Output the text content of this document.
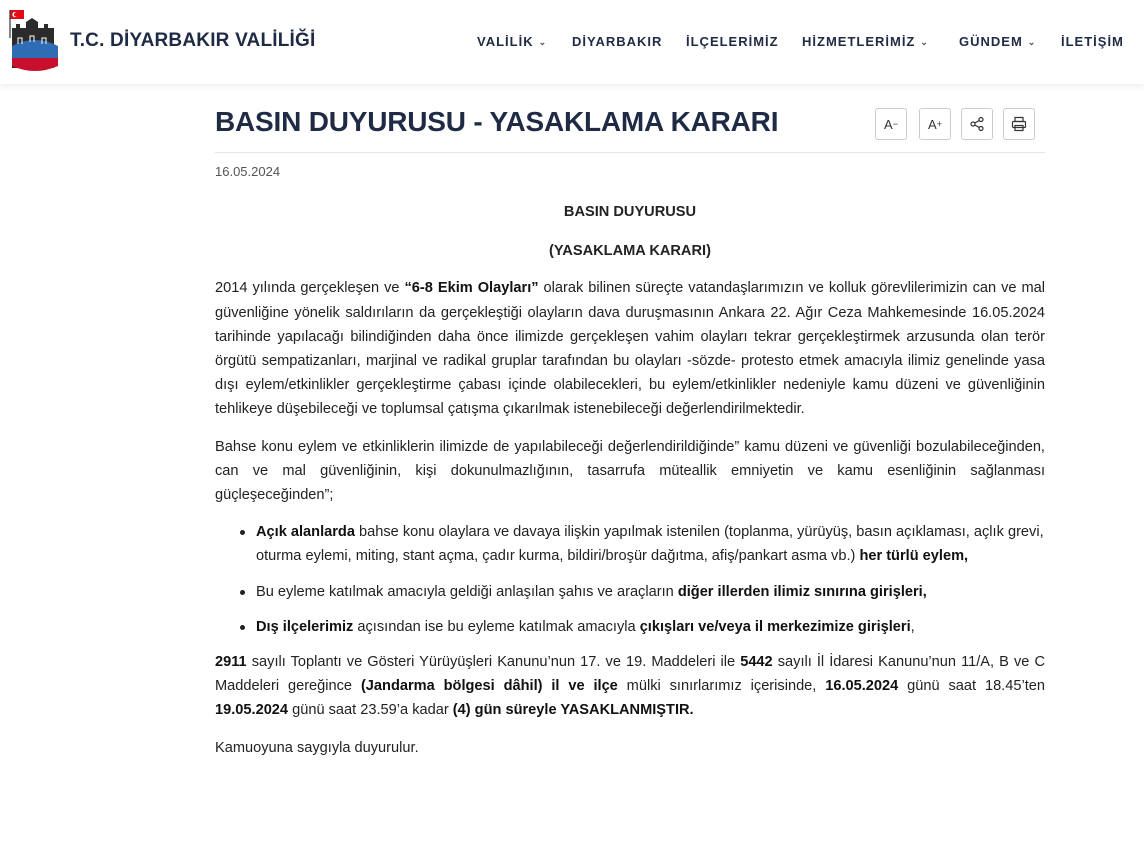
T.C. DİYARBAKIR VALİLİĞİ	VALİLİK ⌄ DİYARBAKIR İLÇELERİMİZ HİZMETLERİMİZ ⌄ GÜNDEM ⌄ İLETİŞİM
BASIN DUYURUSU - YASAKLAMA KARARI	A − A +
16.05.2024
BASIN DUYURUSU
(YASAKLAMA KARARI)

2014 yılında gerçekleşen ve “6-8 Ekim Olayları” olarak bilinen süreçte vatandaşlarımızın ve kolluk görevlilerimizin can ve mal güvenliğine yönelik saldırıların da gerçekleştiği olayların dava duruşmasının Ankara 22. Ağır Ceza Mahkemesinde 16.05.2024 tarihinde yapılacağı bilindiğinden daha önce ilimizde gerçekleşen vahim olayları tekrar gerçekleştirmek arzusunda olan terör örgütü sempatizanları, marjinal ve radikal gruplar tarafından bu olayları -sözde- protesto etmek amacıyla ilimiz genelinde yasa dışı eylem/etkinlikler gerçekleştirme çabası içinde olabilecekleri, bu eylem/etkinlikler nedeniyle kamu düzeni ve güvenliğinin tehlikeye düşebileceği ve toplumsal çatışma çıkarılmak istenebileceği değerlendirilmektedir.

Bahse konu eylem ve etkinliklerin ilimizde de yapılabileceği değerlendirildiğinde” kamu düzeni ve güvenliği bozulabileceğinden, can ve mal güvenliğinin, kişi dokunulmazlığının, tasarrufa müteallik emniyetin ve kamu esenliğinin sağlanması güçleşeceğinden”;

Açık alanlarda bahse konu olaylara ve davaya ilişkin yapılmak istenilen (toplanma, yürüyüş, basın açıklaması, açlık grevi, oturma eylemi, miting, stant açma, çadır kurma, bildiri/broşür dağıtma, afiş/pankart asma vb.) her türlü eylem,
Bu eyleme katılmak amacıyla geldiği anlaşılan şahıs ve araçların diğer illerden ilimiz sınırına girişleri,
Dış ilçelerimiz açısından ise bu eyleme katılmak amacıyla çıkışları ve/veya il merkezimize girişleri,

2911 sayılı Toplantı ve Gösteri Yürüyüşleri Kanunu’nun 17. ve 19. Maddeleri ile 5442 sayılı İl İdaresi Kanunu’nun 11/A, B ve C Maddeleri gereğince (Jandarma bölgesi dâhil) il ve ilçe mülki sınırlarımız içerisinde, 16.05.2024 günü saat 18.45’ten 19.05.2024 günü saat 23.59’a kadar (4) gün süreyle YASAKLANMIŞTIR.

Kamuoyuna saygıyla duyurulur.
